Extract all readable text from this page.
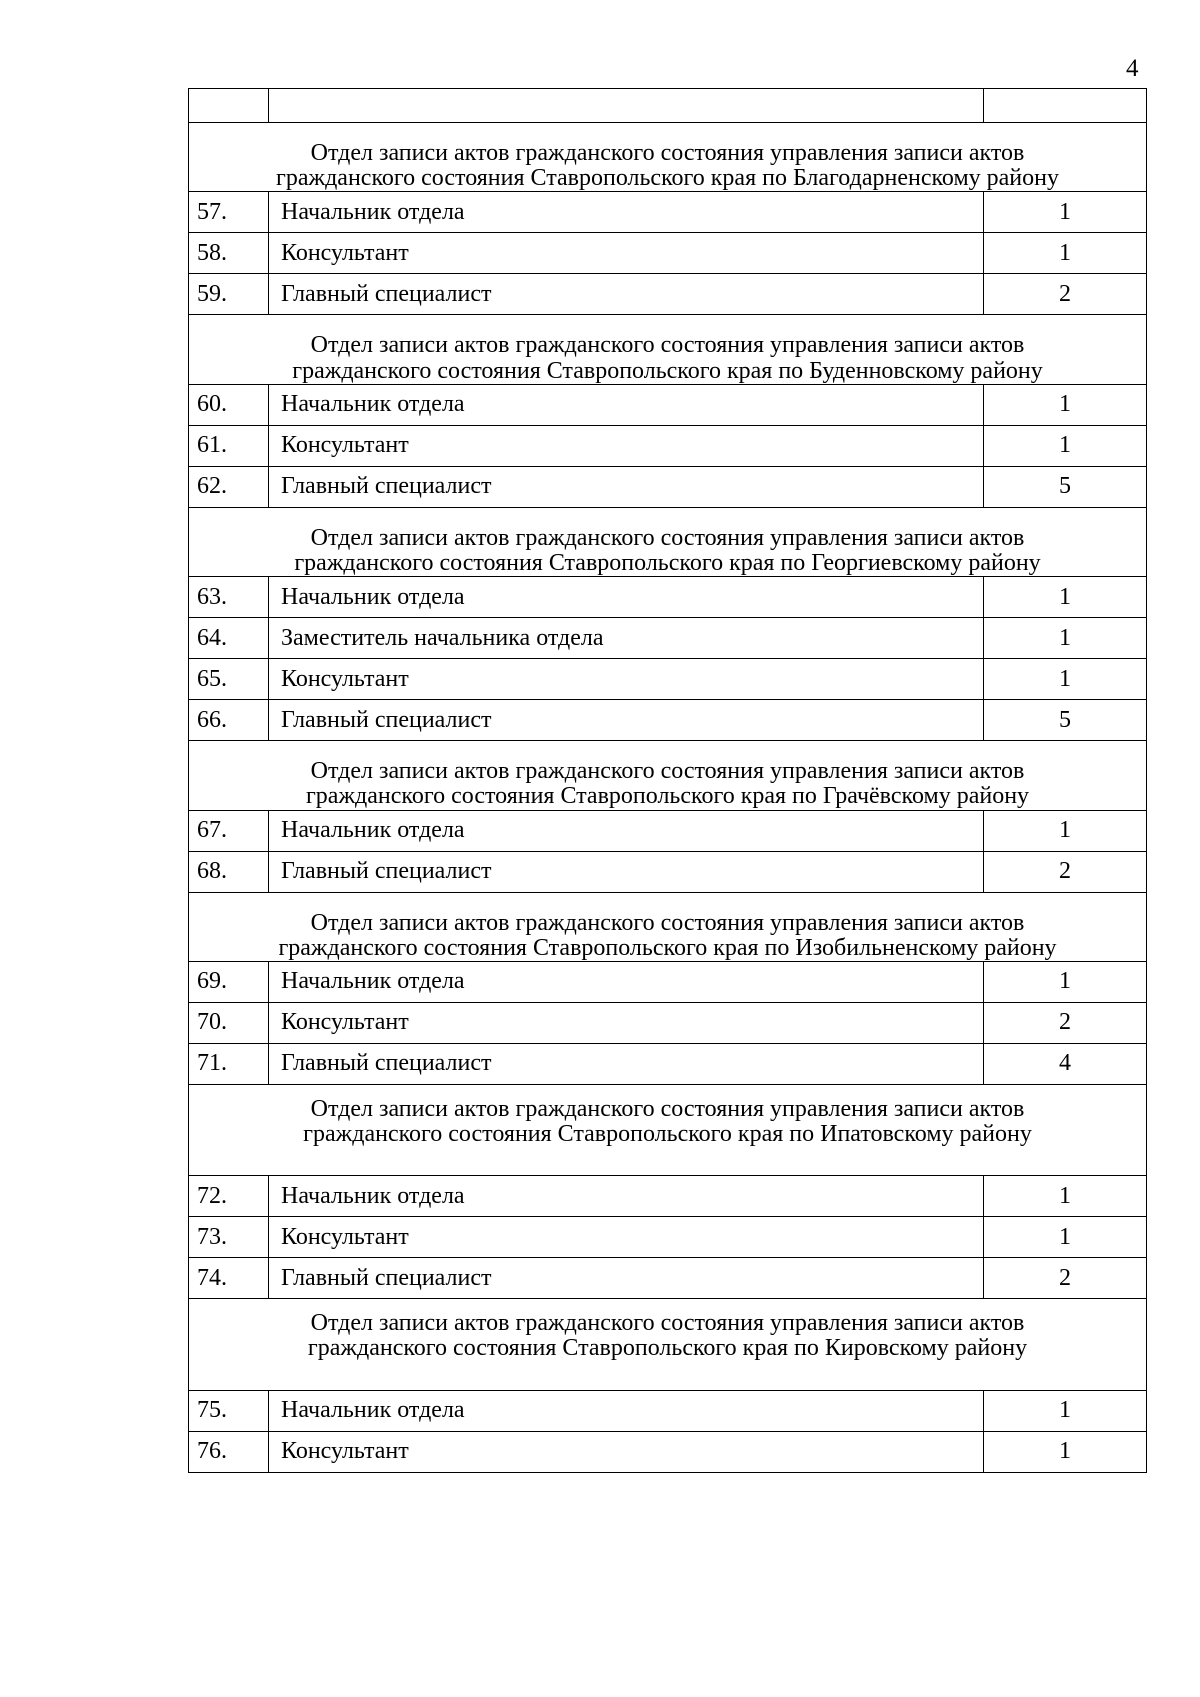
4

Отдел записи актов гражданского состояния управления записи актов
гражданского состояния Ставропольского края по Благодарненскому району		

57.	Начальник отдела	1
58.	Консультант	1
59.	Главный специалист	2

Отдел записи актов гражданского состояния управления записи актов
гражданского состояния Ставропольского края по Буденновскому району		

60.	Начальник отдела	1
61.	Консультант	1
62.	Главный специалист	5

Отдел записи актов гражданского состояния управления записи актов
гражданского состояния Ставропольского края по Георгиевскому району		

63.	Начальник отдела	1
64.	Заместитель начальника отдела	1
65.	Консультант	1
66.	Главный специалист	5

Отдел записи актов гражданского состояния управления записи актов
гражданского состояния Ставропольского края по Грачёвскому району		

67.	Начальник отдела	1
68.	Главный специалист	2

Отдел записи актов гражданского состояния управления записи актов
гражданского состояния Ставропольского края по Изобильненскому району		

69.	Начальник отдела	1
70.	Консультант	2
71.	Главный специалист	4

Отдел записи актов гражданского состояния управления записи актов
гражданского состояния Ставропольского края по Ипатовскому району		

72.	Начальник отдела	1
73.	Консультант	1
74.	Главный специалист	2

Отдел записи актов гражданского состояния управления записи актов
гражданского состояния Ставропольского края по Кировскому району		

75.	Начальник отдела	1
76.	Консультант	1
